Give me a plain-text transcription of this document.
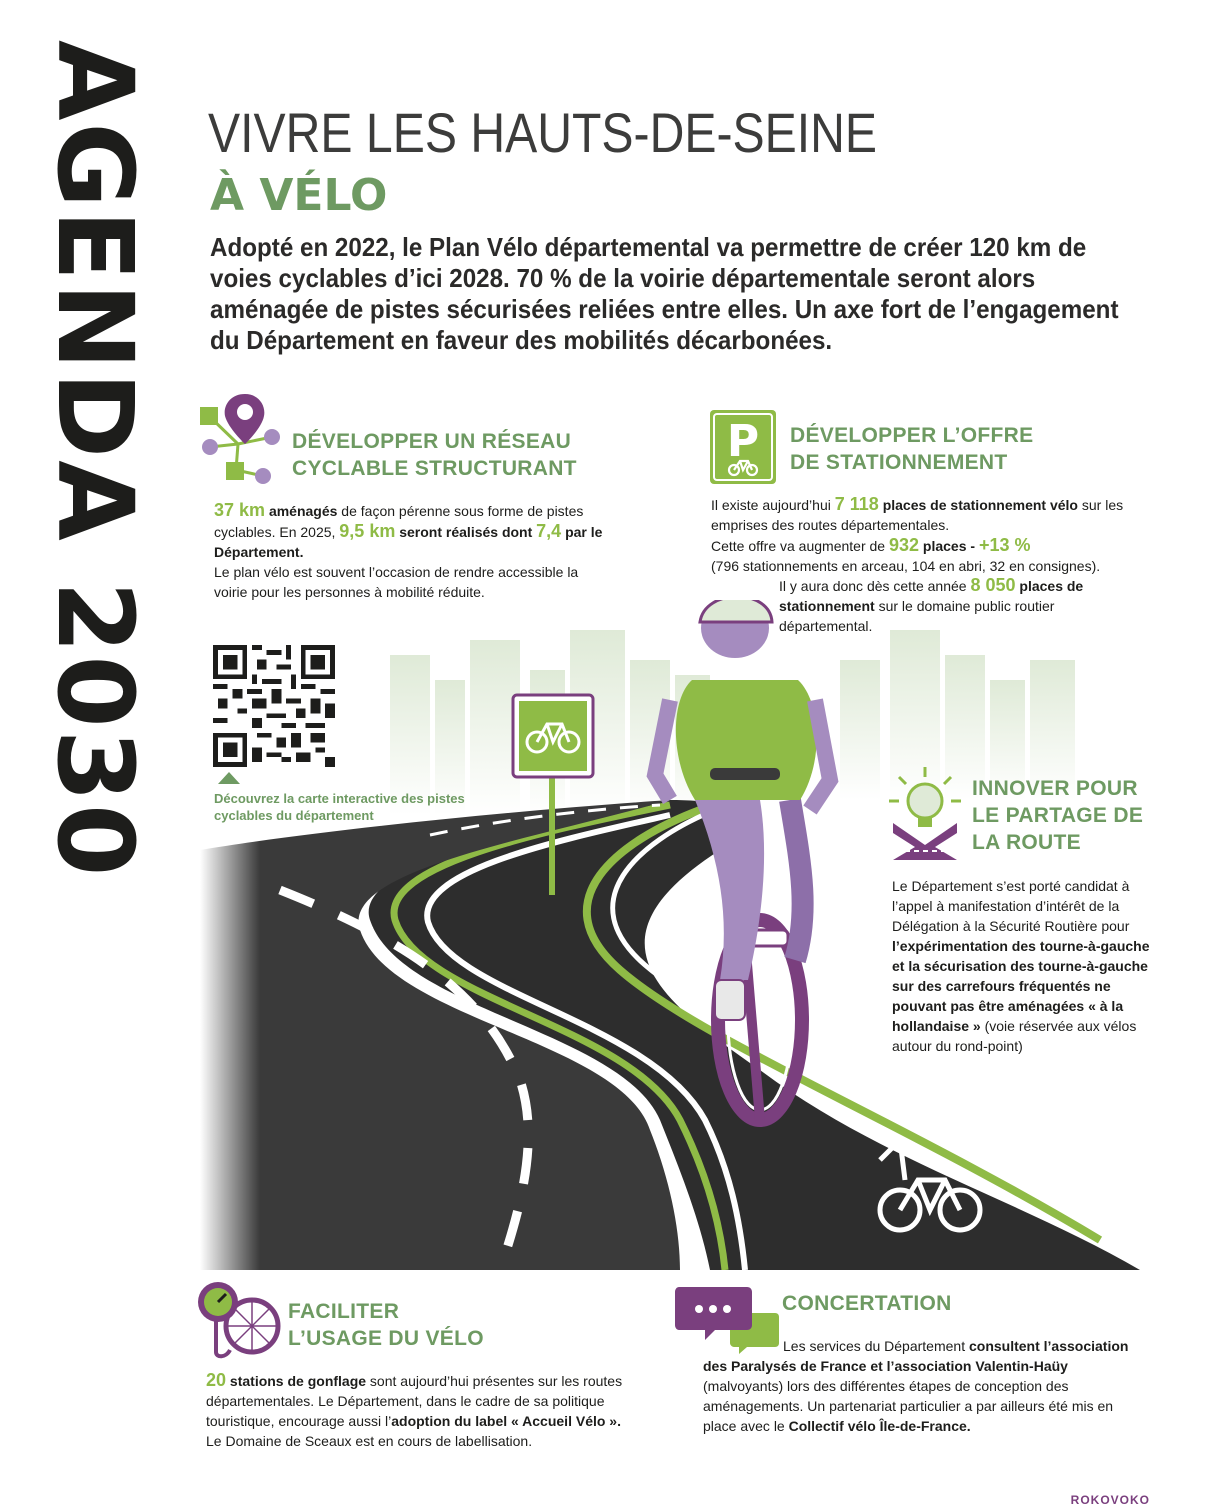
AGENDA 2030 VIVRE LES HAUTS-DE-SEINE
À VÉLO
Adopté en 2022, le Plan Vélo départemental va permettre de créer 120 km de voies cyclables d’ici 2028. 70 % de la voirie départementale seront alors aménagée de pistes sécurisées reliées entre elles. Un axe fort de l’engagement du Département en faveur des mobilités décarbonées.
DÉVELOPPER UN RÉSEAU
CYCLABLE STRUCTURANT
37 km aménagés de façon pérenne sous forme de pistes cyclables. En 2025, 9,5 km seront réalisés dont 7,4 par le Département.
Le plan vélo est souvent l’occasion de rendre accessible la voirie pour les personnes à mobilité réduite.
Découvrez la carte interactive des pistes cyclables du département
P DÉVELOPPER L’OFFRE
DE STATIONNEMENT
Il existe aujourd’hui 7 118 places de stationnement vélo sur les emprises des routes départementales.
Cette offre va augmenter de 932 places - +13 %
(796 stationnements en arceau, 104 en abri, 32 en consignes).
Il y aura donc dès cette année 8 050 places de stationnement sur le domaine public routier départemental.
INNOVER POUR
LE PARTAGE DE
LA ROUTE
Le Département s’est porté candidat à l’appel à manifestation d’intérêt de la Délégation à la Sécurité Routière pour l’expérimentation des tourne-à-gauche et la sécurisation des tourne-à-gauche sur des carrefours fréquentés ne pouvant pas être aménagées « à la hollandaise » (voie réservée aux vélos autour du rond-point)
FACILITER
L’USAGE DU VÉLO
20 stations de gonflage sont aujourd’hui présentes sur les routes départementales. Le Département, dans le cadre de sa politique touristique, encourage aussi l’adoption du label « Accueil Vélo ».
Le Domaine de Sceaux est en cours de labellisation.
CONCERTATION
Les services du Département consultent l’association des Paralysés de France et l’association Valentin-Haüy (malvoyants) lors des différentes étapes de conception des aménagements. Un partenariat particulier a par ailleurs été mis en place avec le Collectif vélo Île-de-France.
ROKOVOKO
